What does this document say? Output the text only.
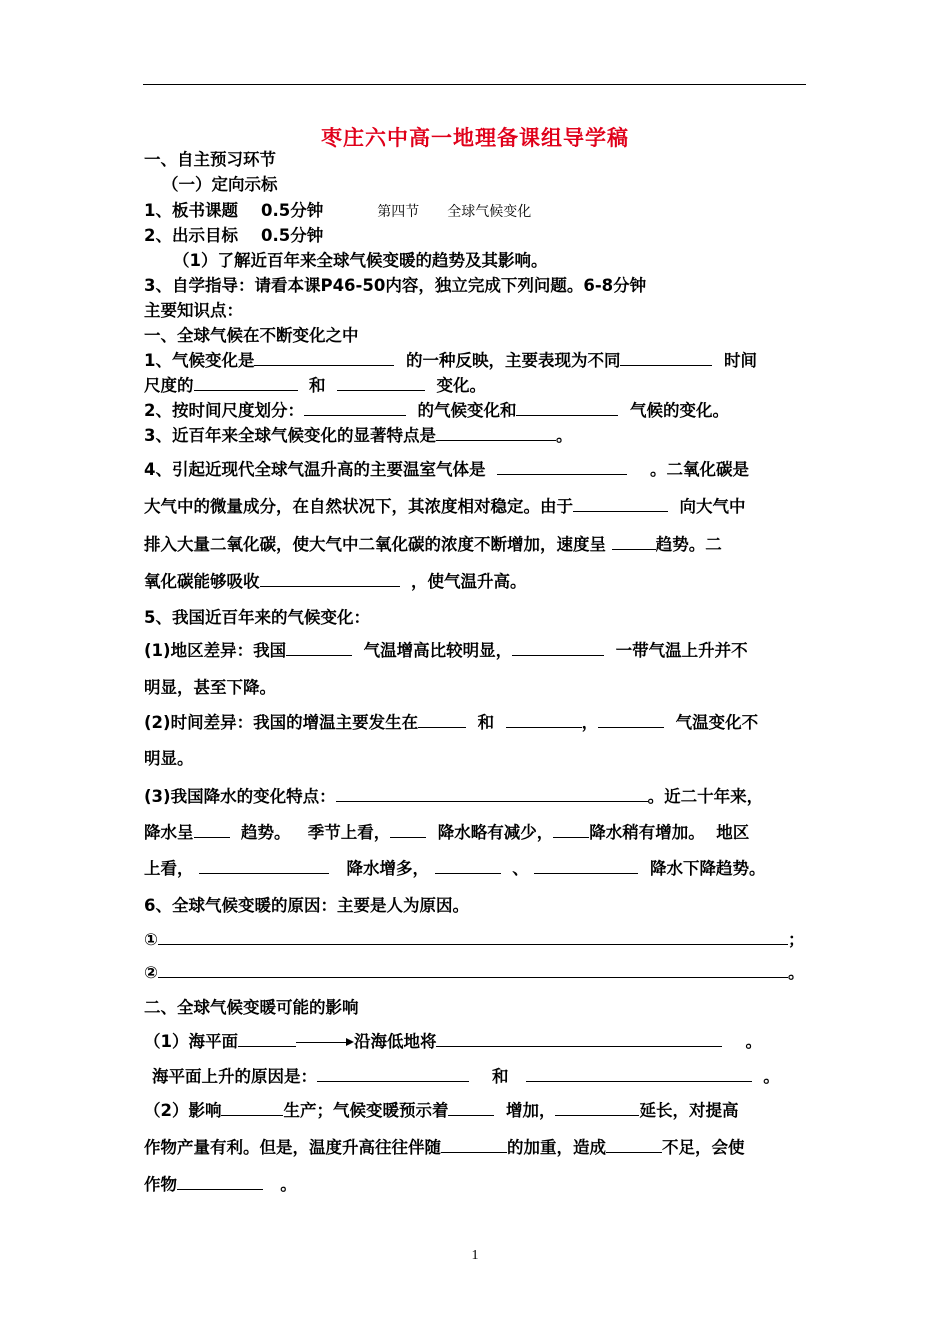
枣庄六中高一地理备课组导学稿
一、自主预习环节
（一）定向示标
1、板书课题 0.5分钟	第四节 全球气候变化
2、出示目标 0.5分钟
（1）了解近百年来全球气候变暖的趋势及其影响。
3、自学指导：请看本课P46-50内容，独立完成下列问题。6-8分钟
主要知识点：
一、全球气候在不断变化之中
1、气候变化是	的一种反映，主要表现为不同	时间
尺度的	和	变化。
2、按时间尺度划分：	的气候变化和	气候的变化。
3、近百年来全球气候变化的显著特点是	。
4、引起近现代全球气温升高的主要温室气体是	。二氧化碳是
大气中的微量成分，在自然状况下，其浓度相对稳定。由于	向大气中
排入大量二氧化碳，使大气中二氧化碳的浓度不断增加，速度呈	趋势。二
氧化碳能够吸收	，使气温升高。
5、我国近百年来的气候变化：
(1)地区差异：我国	气温增高比较明显，	一带气温上升并不
明显，甚至下降。
(2)时间差异：我国的增温主要发生在	和	，	气温变化不
明显。
(3)我国降水的变化特点：	。近二十年来，
降水呈	趋势。 季节上看，	降水略有减少， 降水稍有增加。 地区
上看，	降水增多，	、	降水下降趋势。
6、全球气候变暖的原因：主要是人为原因。
①	；
②	。
二、全球气候变暖可能的影响
（1）海平面	沿海低地将	。
海平面上升的原因是：	和	。
（2）影响	生产；气候变暖预示着	增加，	延长，对提高
作物产量有利。但是，温度升高往往伴随	的加重，造成	不足，会使
作物	。
1
